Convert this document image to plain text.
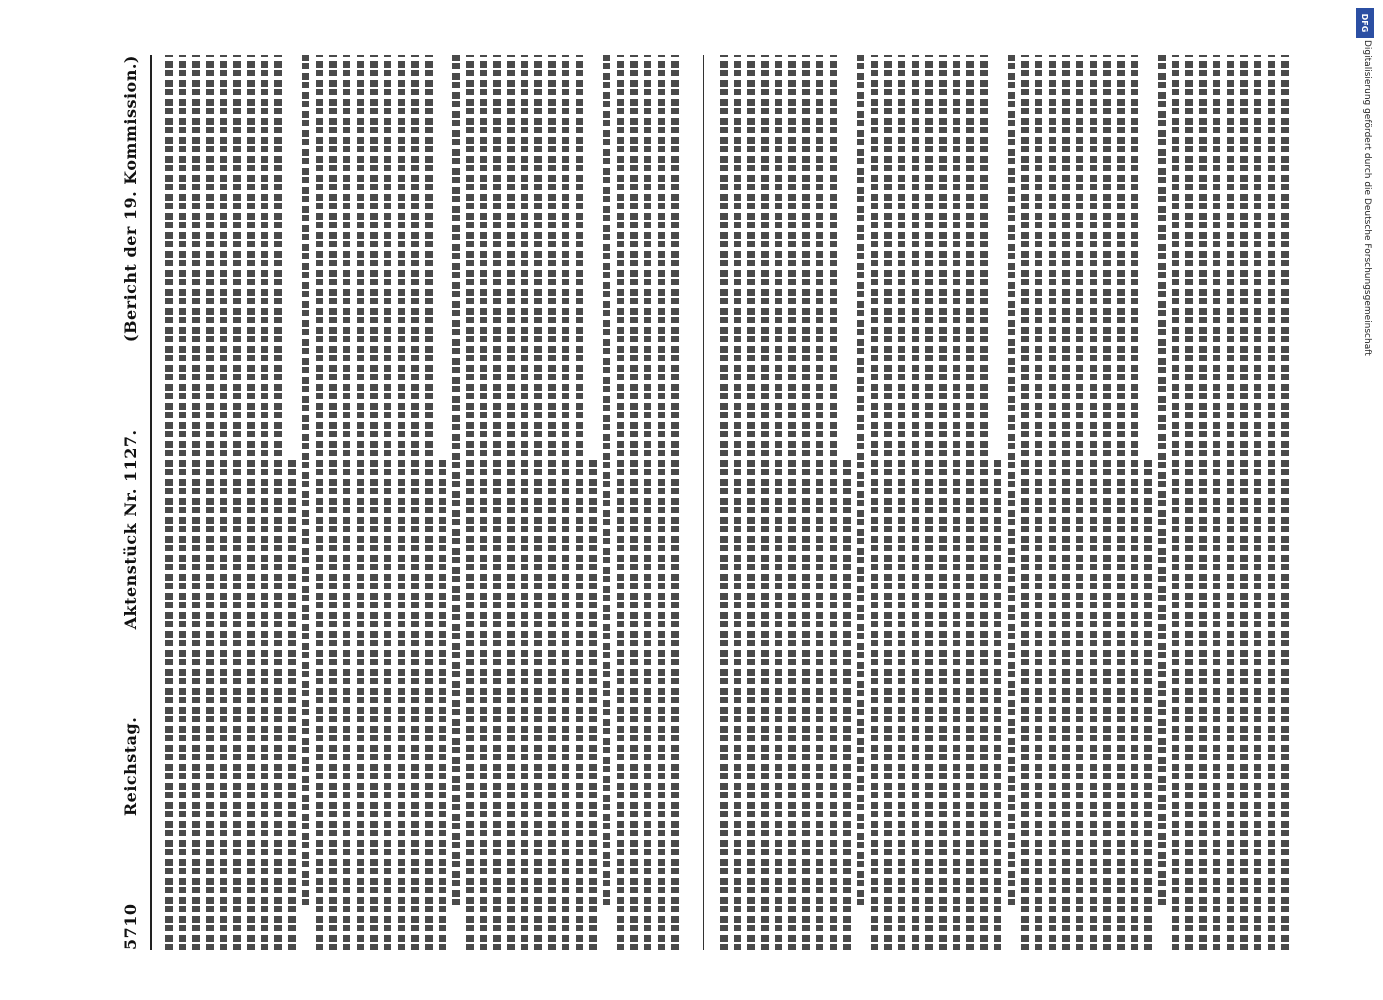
5710
Reichstag.
Aktenstück Nr. 1127.
(Bericht der 19. Kommission.)	Digitalisierung gefördert durch die Deutsche Forschungsgemeinschaft
DFG
